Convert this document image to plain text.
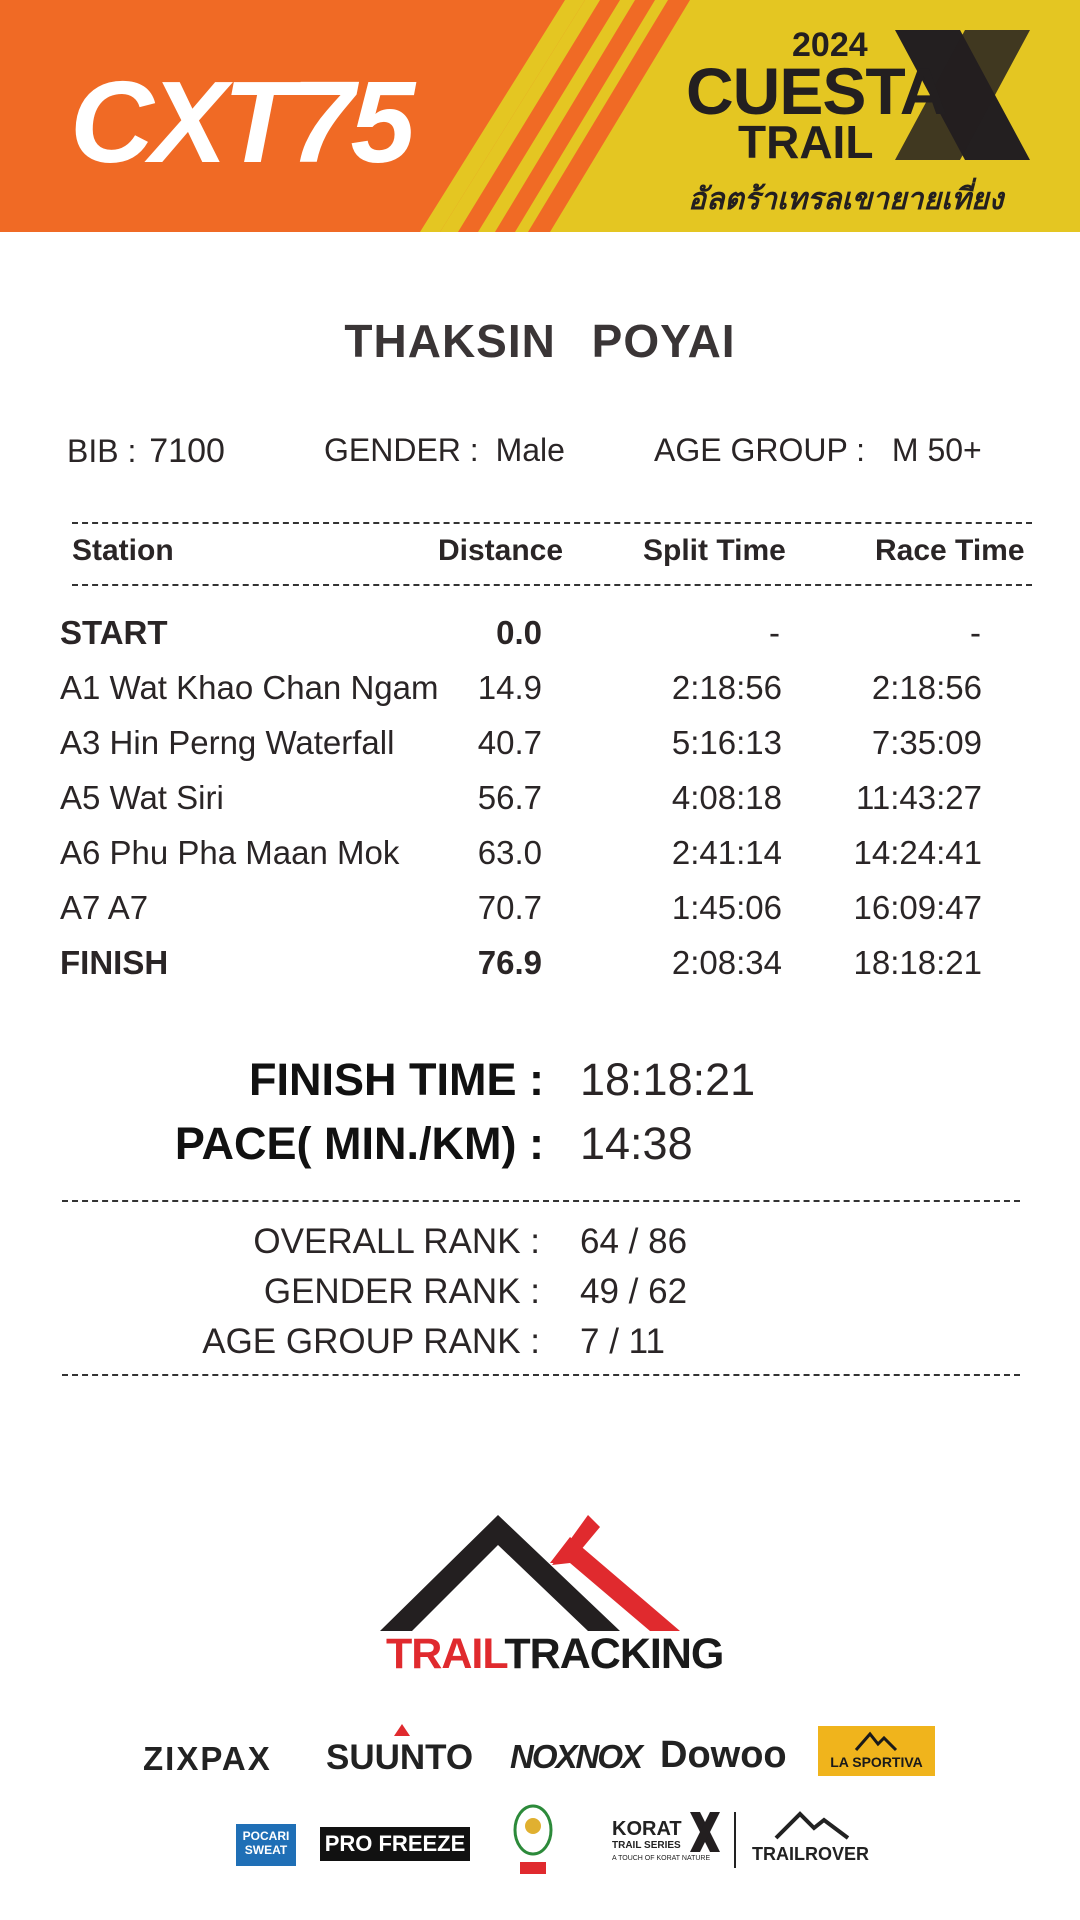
CXT75
2024
CUESTA
TRAIL
อัลตร้าเทรลเขายายเที่ยง
THAKSIN POYAI
BIB : 7100	GENDER : Male	AGE GROUP : M 50+
Station	Distance	Split Time	Race Time
START	0.0	-	-
A1 Wat Khao Chan Ngam 14.9	2:18:56	2:18:56
A3 Hin Perng Waterfall	40.7	5:16:13	7:35:09
A5 Wat Siri	56.7	4:08:18 11:43:27
A6 Phu Pha Maan Mok 63.0	2:41:14 14:24:41
A7 A7	70.7	1:45:06 16:09:47
FINISH	76.9	2:08:34 18:18:21
FINISH TIME : 18:18:21
PACE( MIN./KM) : 14:38
OVERALL RANK : 64 / 86
GENDER RANK : 49 / 62
AGE GROUP RANK : 7 / 11
TRAILTRACKING
ZIXPAX SUUNTO NOXNOX Dowoo	LA SPORTIVA
POCARI SWEAT	PRO FREEZE
KORAT
TRAIL SERIES
A TOUCH OF KORAT NATURE TRAILROVER
